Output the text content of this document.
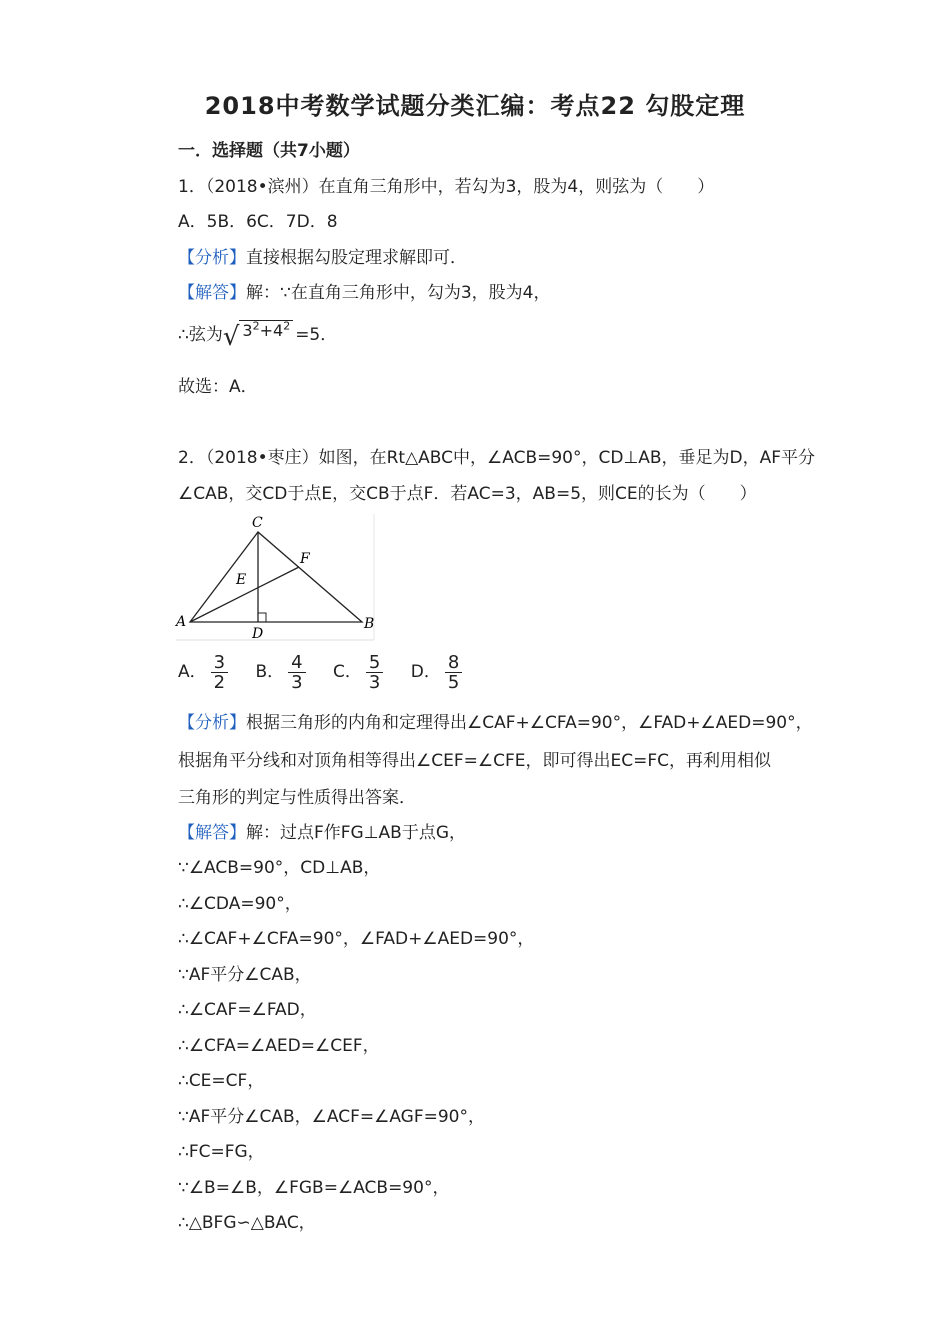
2018中考数学试题分类汇编：考点22 勾股定理
一．选择题（共7小题）
1．（2018•滨州）在直角三角形中，若勾为3，股为4，则弦为（　　）
A．5B．6C．7D．8
【分析】直接根据勾股定理求解即可．
【解答】解：∵在直角三角形中，勾为3，股为4，
∴弦为√ $3^2+4^2 =5$．
故选：A．
2．（2018•枣庄）如图，在Rt△ABC中，∠ACB=90°，CD⊥AB，垂足为D，AF平分
∠CAB，交CD于点E，交CB于点F．若AC=3，AB=5，则CE的长为（　　）
C
F
E
A	B
D
A． $\frac{3}{2}$ B． $\frac{4}{3}$ C． $\frac{5}{3}$ D． $\frac{8}{5}$
【分析】根据三角形的内角和定理得出∠CAF+∠CFA=90°，∠FAD+∠AED=90°，
根据角平分线和对顶角相等得出∠CEF=∠CFE，即可得出EC=FC，再利用相似
三角形的判定与性质得出答案．
【解答】解：过点F作FG⊥AB于点G，
∵∠ACB=90°，CD⊥AB，
∴∠CDA=90°，
∴∠CAF+∠CFA=90°，∠FAD+∠AED=90°，
∵AF平分∠CAB，
∴∠CAF=∠FAD，
∴∠CFA=∠AED=∠CEF，
∴CE=CF，
∵AF平分∠CAB，∠ACF=∠AGF=90°，
∴FC=FG，
∵∠B=∠B，∠FGB=∠ACB=90°，
∴△BFG∽△BAC，
